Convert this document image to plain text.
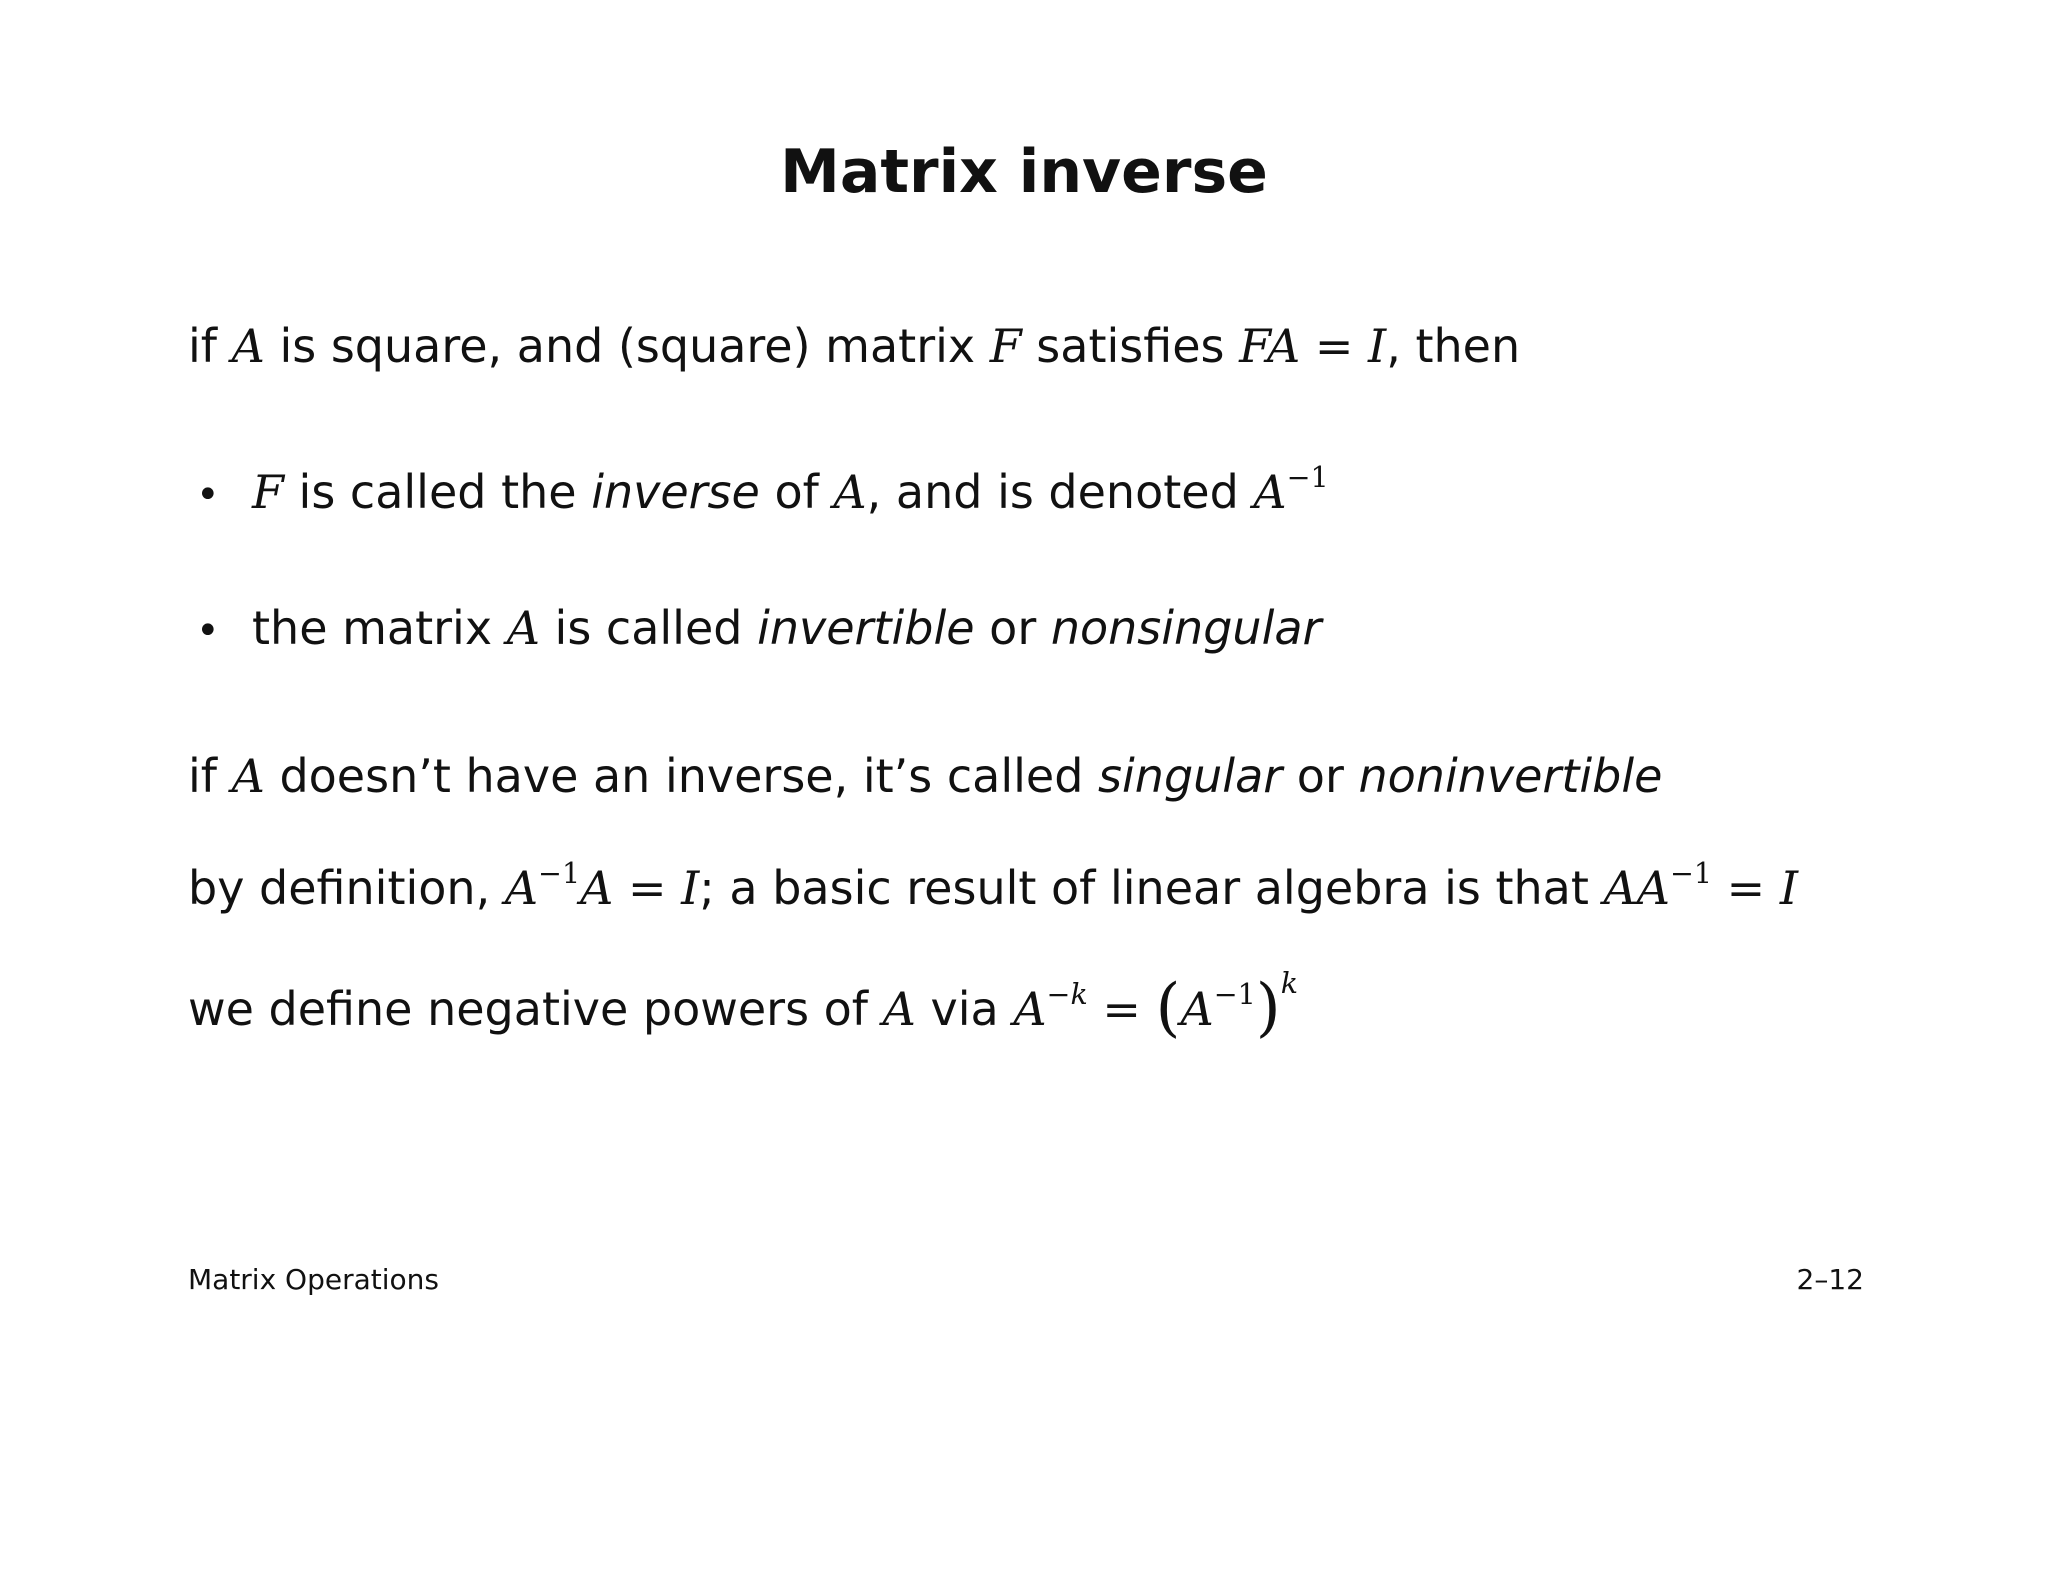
Matrix inverse
if A is square, and (square) matrix F satisfies FA = I, then
• F is called the inverse of A, and is denoted $A^{-1}$
• the matrix A is called invertible or nonsingular
if A doesn’t have an inverse, it’s called singular or noninvertible
by definition, $A^{-1}A = I$; a basic result of linear algebra is that $AA^{-1} = I$
we define negative powers of A via $A^{-k} = (A^{-1})^k$
Matrix Operations	2–12
